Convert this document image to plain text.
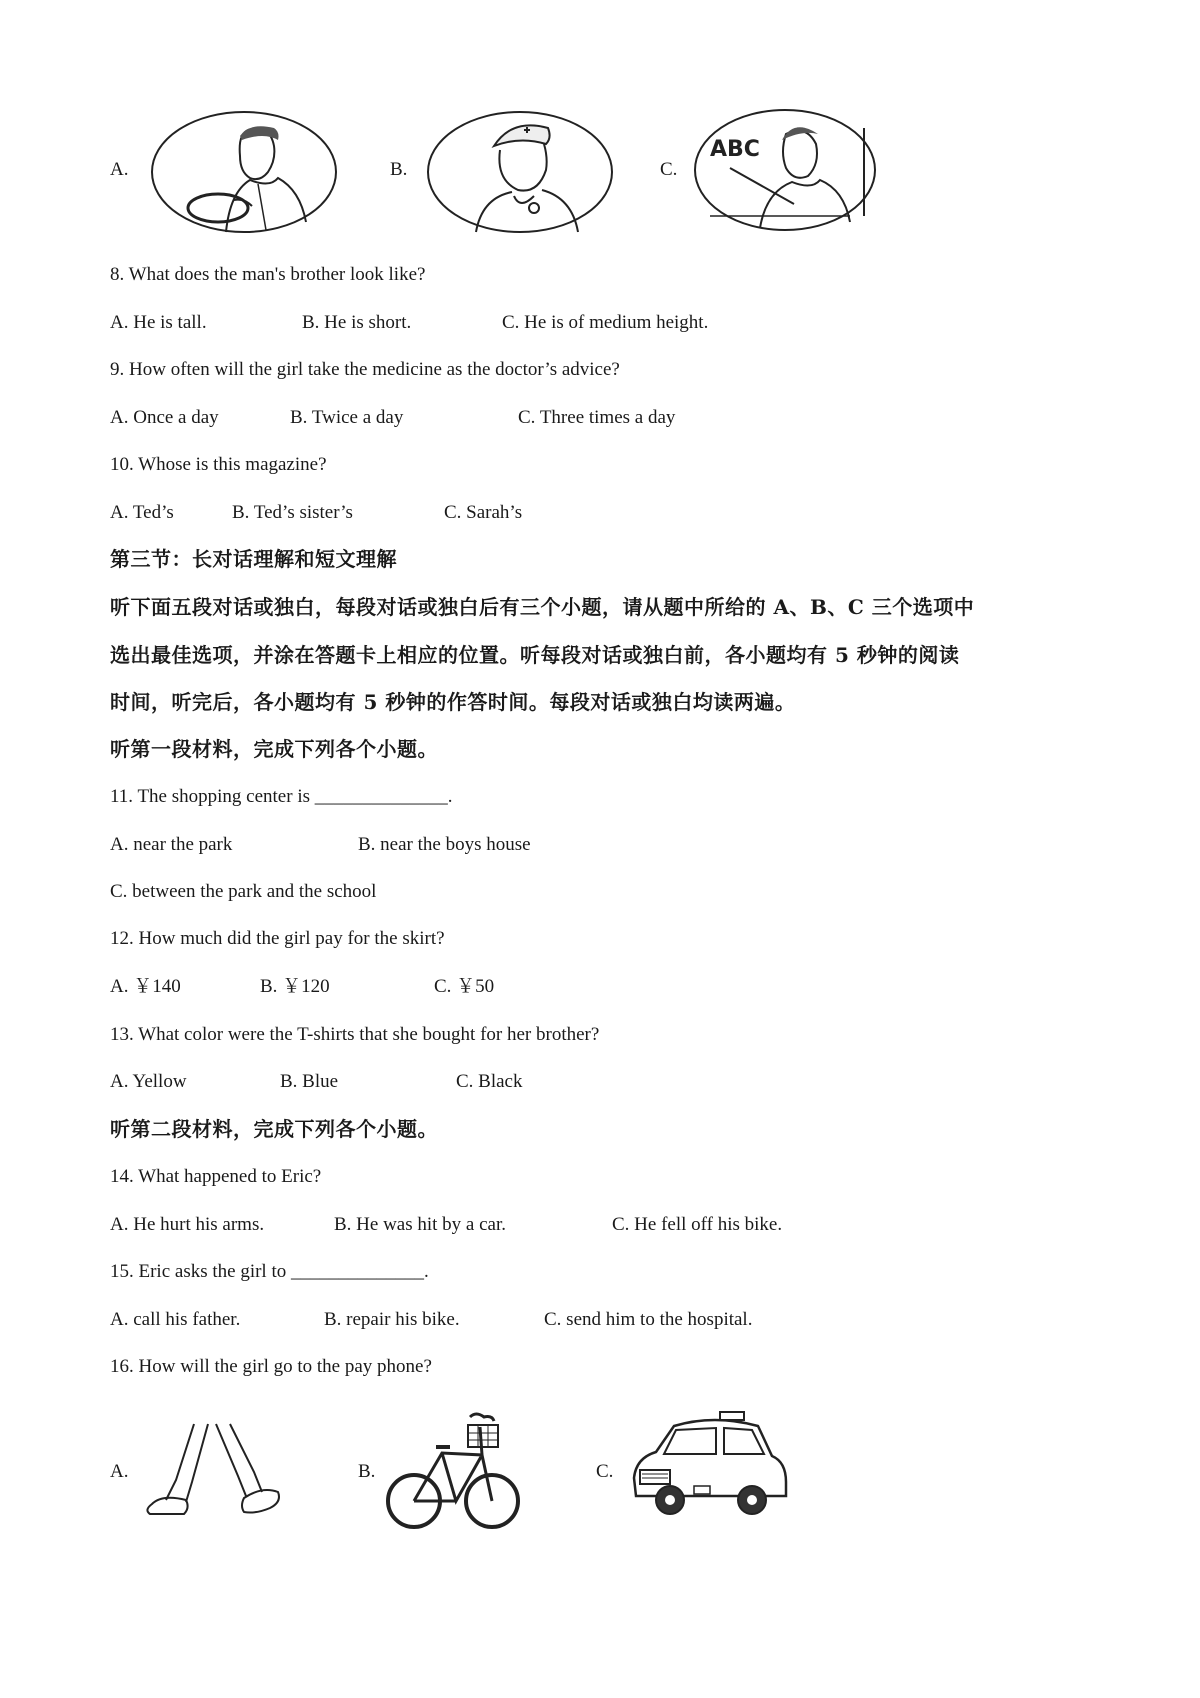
A.	B.	C.
ABC
8. What does the man's brother look like?
A. He is tall.	B. He is short.	C. He is of medium height.
9. How often will the girl take the medicine as the doctor’s advice?
A. Once a day	B. Twice a day	C. Three times a day
10. Whose is this magazine?
A. Ted’s	B. Ted’s sister’s	C. Sarah’s
第三节：长对话理解和短文理解
听下面五段对话或独白，每段对话或独白后有三个小题，请从题中所给的 A、B、C 三个选项中
选出最佳选项，并涂在答题卡上相应的位置。听每段对话或独白前，各小题均有 5 秒钟的阅读
时间，听完后，各小题均有 5 秒钟的作答时间。每段对话或独白均读两遍。
听第一段材料，完成下列各个小题。
11. The shopping center is ______________.
A. near the park	B. near the boys house
C. between the park and the school
12. How much did the girl pay for the skirt?
A. ￥140	B. ￥120	C. ￥50
13. What color were the T-shirts that she bought for her brother?
A. Yellow	B. Blue	C. Black
听第二段材料，完成下列各个小题。
14. What happened to Eric?
A. He hurt his arms.	B. He was hit by a car.	C. He fell off his bike.
15. Eric asks the girl to ______________.
A. call his father.	B. repair his bike.	C. send him to the hospital.
16. How will the girl go to the pay phone?
A.	B.	C.
